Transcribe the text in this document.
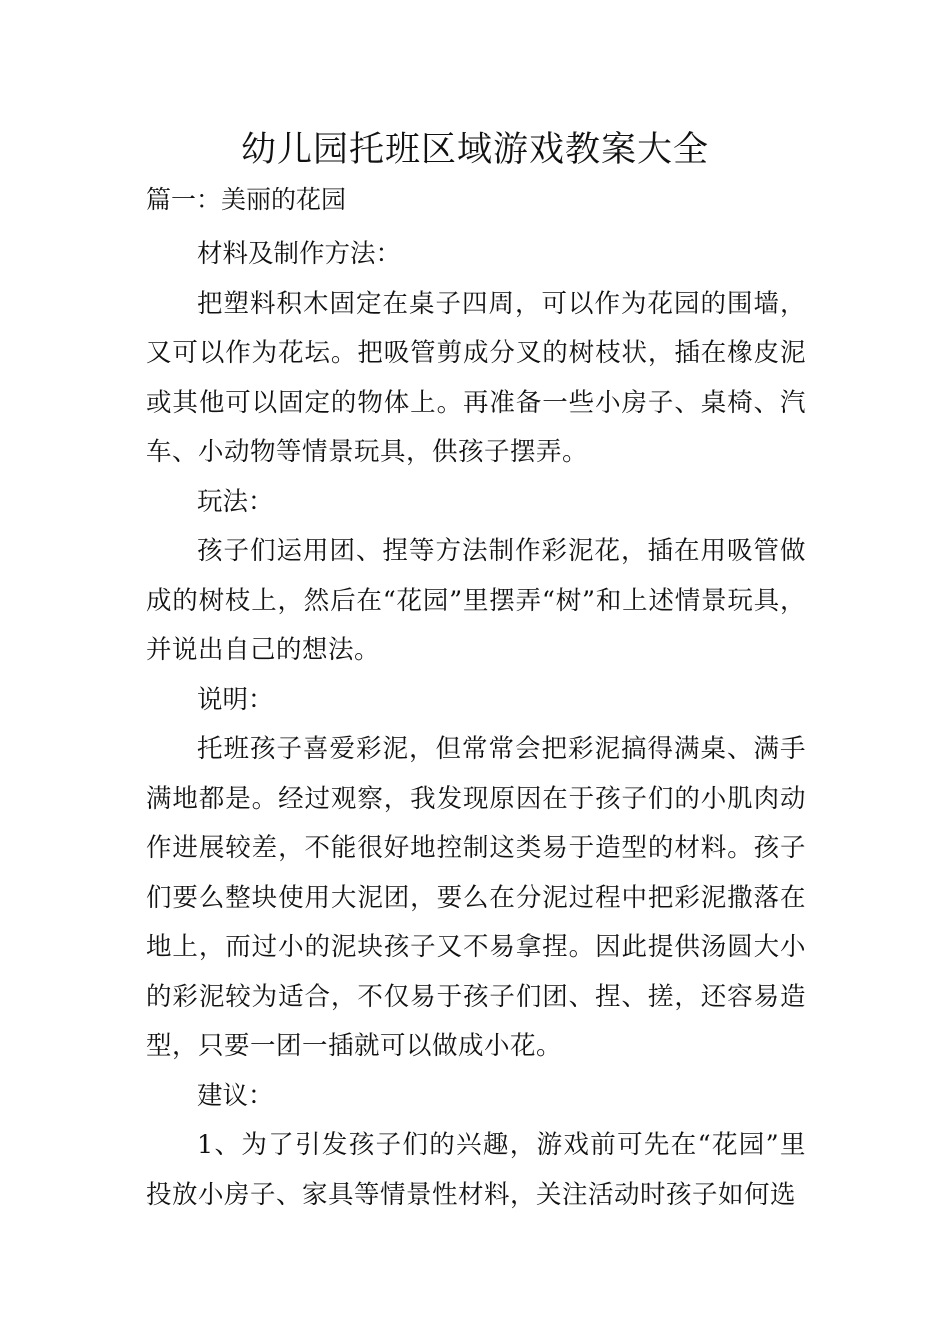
幼儿园托班区域游戏教案大全
篇一：美丽的花园

材料及制作方法：

把塑料积木固定在桌子四周，可以作为花园的围墙，又可以作为花坛。把吸管剪成分叉的树枝状，插在橡皮泥或其他可以固定的物体上。再准备一些小房子、桌椅、汽车、小动物等情景玩具，供孩子摆弄。

玩法：

孩子们运用团、捏等方法制作彩泥花，插在用吸管做成的树枝上，然后在“花园”里摆弄“树”和上述情景玩具，并说出自己的想法。

说明：

托班孩子喜爱彩泥，但常常会把彩泥搞得满桌、满手满地都是。经过观察，我发现原因在于孩子们的小肌肉动作进展较差，不能很好地控制这类易于造型的材料。孩子们要么整块使用大泥团，要么在分泥过程中把彩泥撒落在地上，而过小的泥块孩子又不易拿捏。因此提供汤圆大小的彩泥较为适合，不仅易于孩子们团、捏、搓，还容易造型，只要一团一插就可以做成小花。

建议：

1、为了引发孩子们的兴趣，游戏前可先在“花园”里投放小房子、家具等情景性材料，关注活动时孩子如何选
